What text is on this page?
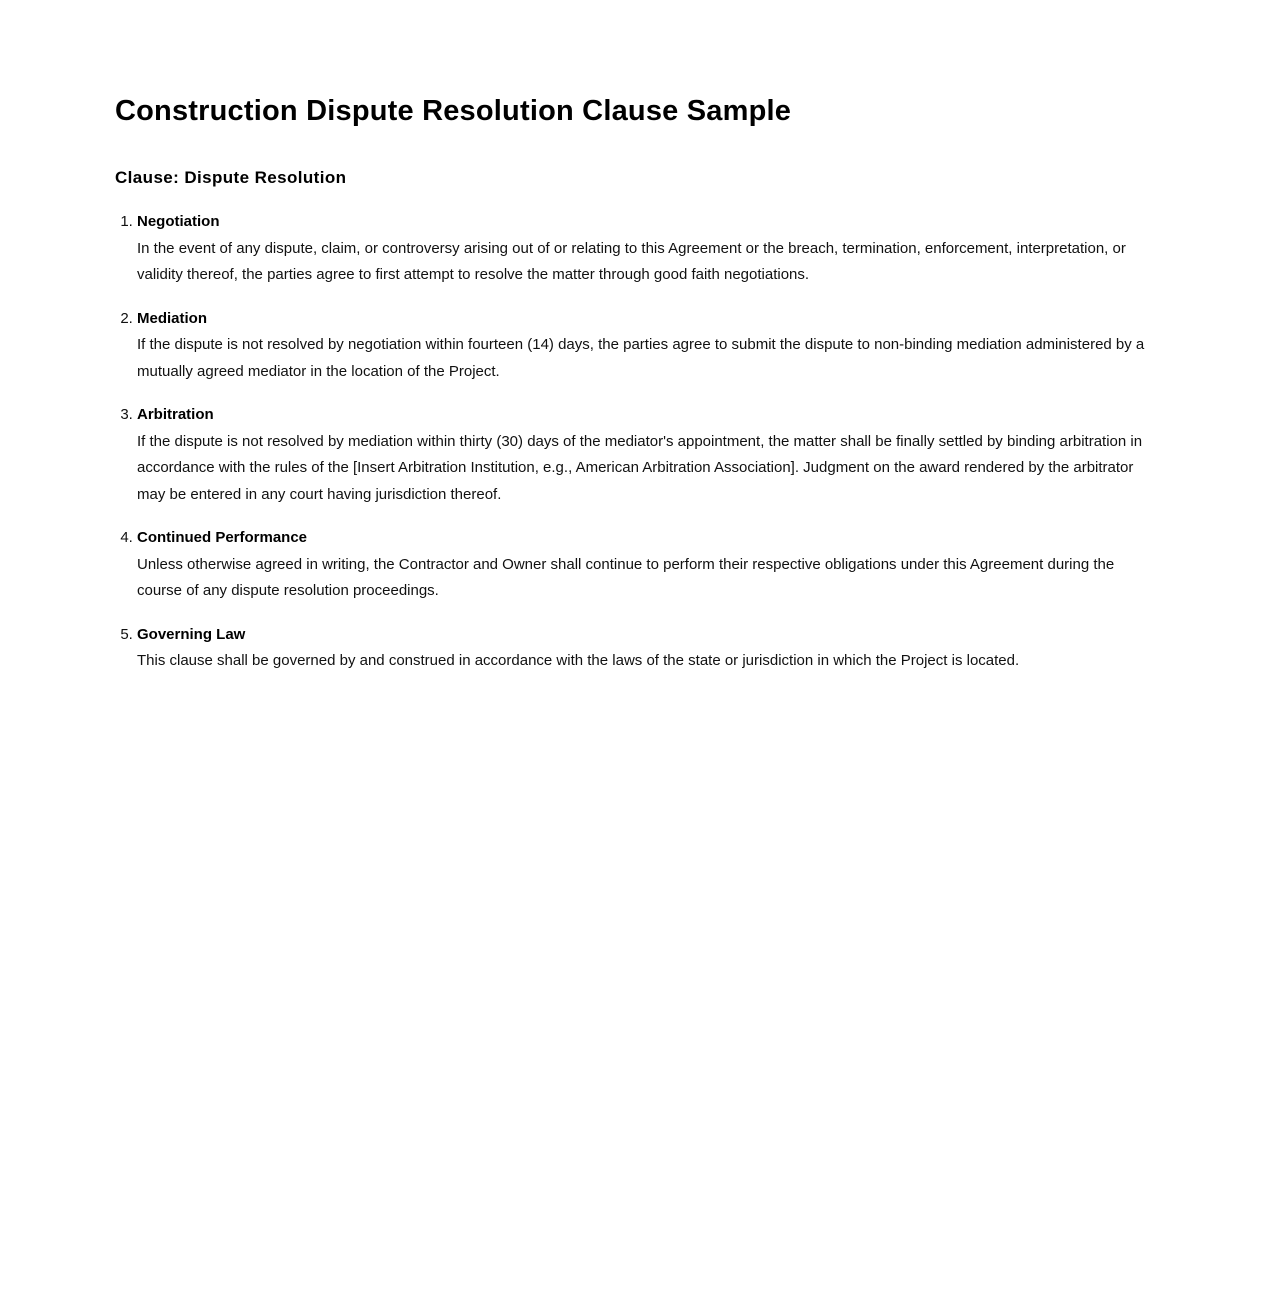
Construction Dispute Resolution Clause Sample
Clause: Dispute Resolution
1. Negotiation
In the event of any dispute, claim, or controversy arising out of or relating to this Agreement or the breach, termination, enforcement, interpretation, or validity thereof, the parties agree to first attempt to resolve the matter through good faith negotiations.
2. Mediation
If the dispute is not resolved by negotiation within fourteen (14) days, the parties agree to submit the dispute to non-binding mediation administered by a mutually agreed mediator in the location of the Project.
3. Arbitration
If the dispute is not resolved by mediation within thirty (30) days of the mediator's appointment, the matter shall be finally settled by binding arbitration in accordance with the rules of the [Insert Arbitration Institution, e.g., American Arbitration Association]. Judgment on the award rendered by the arbitrator may be entered in any court having jurisdiction thereof.
4. Continued Performance
Unless otherwise agreed in writing, the Contractor and Owner shall continue to perform their respective obligations under this Agreement during the course of any dispute resolution proceedings.
5. Governing Law
This clause shall be governed by and construed in accordance with the laws of the state or jurisdiction in which the Project is located.
